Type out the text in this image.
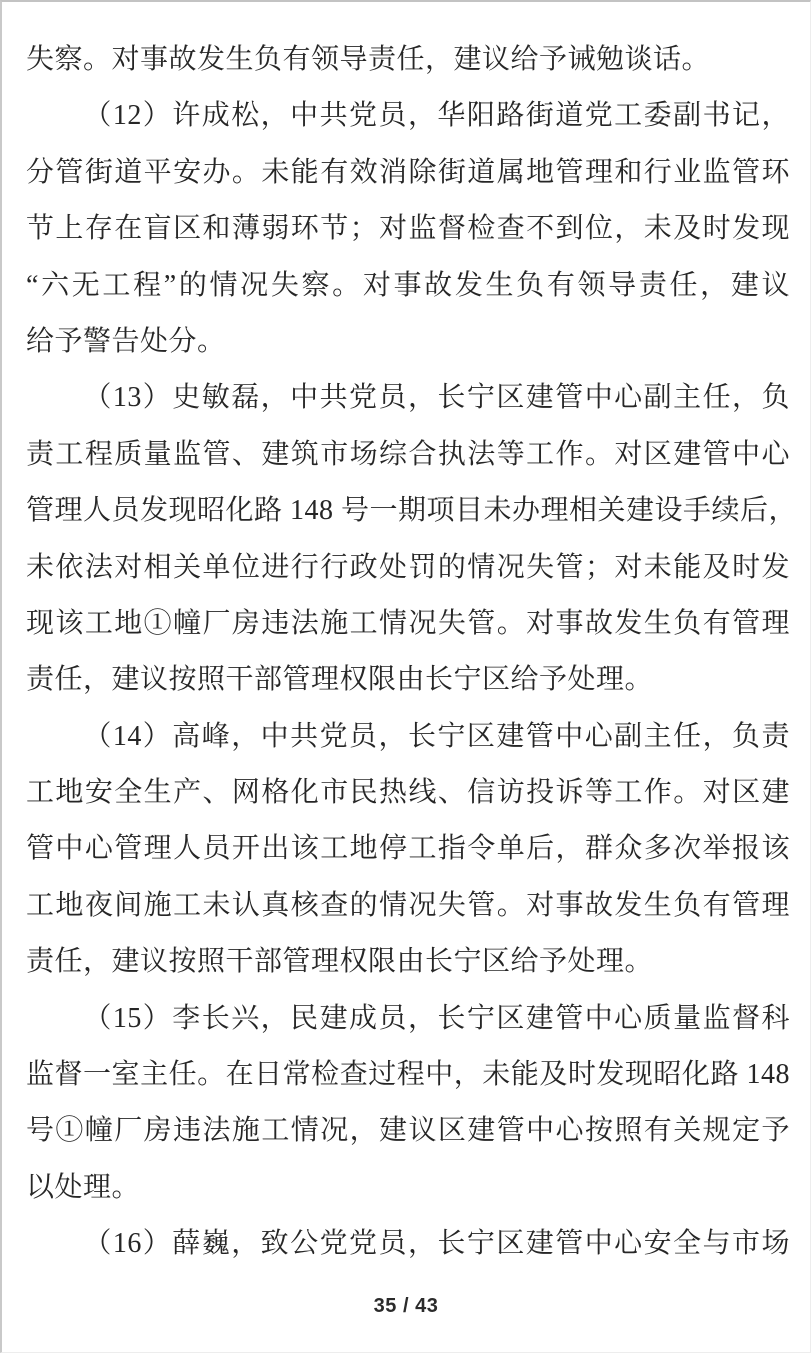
失察。对事故发生负有领导责任，建议给予诫勉谈话。
（12）许成松，中共党员，华阳路街道党工委副书记，
分管街道平安办。未能有效消除街道属地管理和行业监管环
节上存在盲区和薄弱环节；对监督检查不到位，未及时发现
“六无工程”的情况失察。对事故发生负有领导责任，建议
给予警告处分。
（13）史敏磊，中共党员，长宁区建管中心副主任，负
责工程质量监管、建筑市场综合执法等工作。对区建管中心
管理人员发现昭化路 148 号一期项目未办理相关建设手续后，
未依法对相关单位进行行政处罚的情况失管；对未能及时发
现该工地①幢厂房违法施工情况失管。对事故发生负有管理
责任，建议按照干部管理权限由长宁区给予处理。
（14）高峰，中共党员，长宁区建管中心副主任，负责
工地安全生产、网格化市民热线、信访投诉等工作。对区建
管中心管理人员开出该工地停工指令单后，群众多次举报该
工地夜间施工未认真核查的情况失管。对事故发生负有管理
责任，建议按照干部管理权限由长宁区给予处理。
（15）李长兴，民建成员，长宁区建管中心质量监督科
监督一室主任。在日常检查过程中，未能及时发现昭化路 148
号①幢厂房违法施工情况，建议区建管中心按照有关规定予
以处理。
（16）薛巍，致公党党员，长宁区建管中心安全与市场
35 / 43
